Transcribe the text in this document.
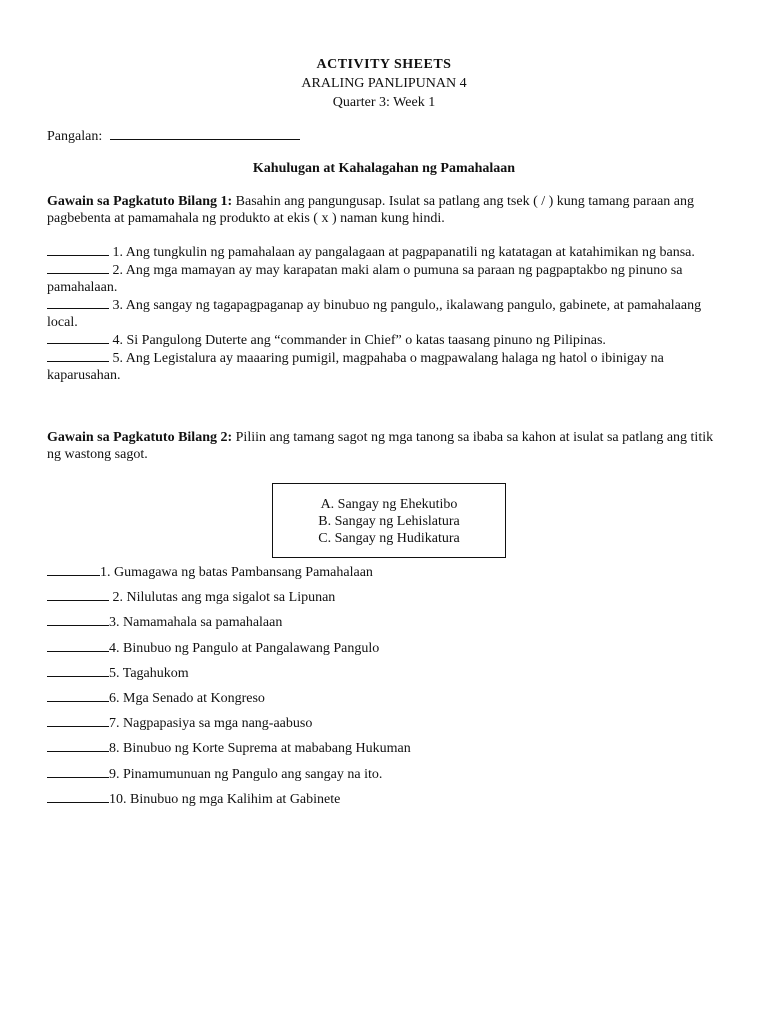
ACTIVITY SHEETS
ARALING PANLIPUNAN 4
Quarter 3: Week 1
Pangalan:
Kahulugan at Kahalagahan ng Pamahalaan
Gawain sa Pagkatuto Bilang 1: Basahin ang pangungusap. Isulat sa patlang ang tsek ( / ) kung tamang paraan ang pagbebenta at pamamahala ng produkto at ekis ( x ) naman kung hindi.
1. Ang tungkulin ng pamahalaan ay pangalagaan at pagpapanatili ng katatagan at katahimikan ng bansa.
2. Ang mga mamayan ay may karapatan maki alam o pumuna sa paraan ng pagpaptakbo ng pinuno sa pamahalaan.
3. Ang sangay ng tagapagpaganap ay binubuo ng pangulo,, ikalawang pangulo, gabinete, at pamahalaang local.
4. Si Pangulong Duterte ang “commander in Chief” o katas taasang pinuno ng Pilipinas.
5. Ang Legistalura ay maaaring pumigil, magpahaba o magpawalang halaga ng hatol o ibinigay na kaparusahan.
Gawain sa Pagkatuto Bilang 2: Piliin ang tamang sagot ng mga tanong sa ibaba sa kahon at isulat sa patlang ang titik ng wastong sagot.
A. Sangay ng Ehekutibo
B. Sangay ng Lehislatura
C. Sangay ng Hudikatura
1. Gumagawa ng batas Pambansang Pamahalaan
2. Nilulutas ang mga sigalot sa Lipunan
3. Namamahala sa pamahalaan
4. Binubuo ng Pangulo at Pangalawang Pangulo
5. Tagahukom
6. Mga Senado at Kongreso
7. Nagpapasiya sa mga nang-aabuso
8. Binubuo ng Korte Suprema at mababang Hukuman
9. Pinamumunuan ng Pangulo ang sangay na ito.
10. Binubuo ng mga Kalihim at Gabinete
